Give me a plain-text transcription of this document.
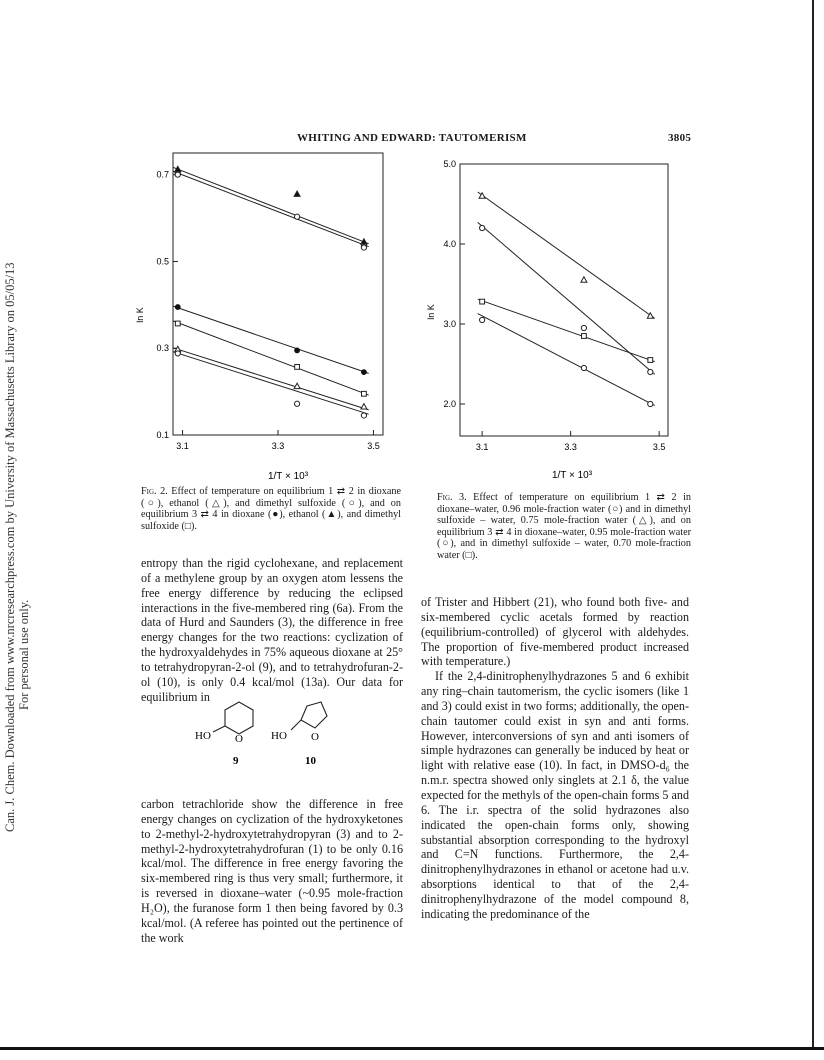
Can. J. Chem. Downloaded from www.nrcresearchpress.com by University of Massachusetts Library on 05/05/13 For personal use only.
WHITING AND EDWARD: TAUTOMERISM	3805
0.1
0.3
0.5
0.7
3.1	3.3	3.5
ln K
1/T × 10³
Fig. 2. Effect of temperature on equilibrium 1 ⇄ 2 in dioxane (○), ethanol (△), and dimethyl sulfoxide (○), and on equilibrium 3 ⇄ 4 in dioxane (●), ethanol (▲), and dimethyl sulfoxide (□).
2.0
3.0
4.0
5.0
3.1	3.3	3.5
ln K
1/T × 10³
Fig. 3. Effect of temperature on equilibrium 1 ⇄ 2 in dioxane–water, 0.96 mole-fraction water (○) and in dimethyl sulfoxide – water, 0.75 mole-fraction water (△), and on equilibrium 3 ⇄ 4 in dioxane–water, 0.95 mole-fraction water (○), and in dimethyl sulfoxide – water, 0.70 mole-fraction water (□).

entropy than the rigid cyclohexane, and replacement of a methylene group by an oxygen atom lessens the free energy difference by reducing the eclipsed interactions in the five-membered ring (6a). From the data of Hurd and Saunders (3), the difference in free energy changes for the two reactions: cyclization of the hydroxyaldehydes in 75% aqueous dioxane at 25° to tetrahydropyran-2-ol (9), and to tetrahydrofuran-2-ol (10), is only 0.4 kcal/mol (13a). Our data for equilibrium in

HO O
9
HO O
10

carbon tetrachloride show the difference in free energy changes on cyclization of the hydroxyketones to 2-methyl-2-hydroxytetrahydropyran (3) and to 2-methyl-2-hydroxytetrahydrofuran (1) to be only 0.16 kcal/mol. The difference in free energy favoring the six-membered ring is thus very small; furthermore, it is reversed in dioxane–water (~0.95 mole-fraction H₂O), the furanose form 1 then being favored by 0.3 kcal/mol. (A referee has pointed out the pertinence of the work

of Trister and Hibbert (21), who found both five- and six-membered cyclic acetals formed by reaction (equilibrium-controlled) of glycerol with aldehydes. The proportion of five-membered product increased with temperature.)

If the 2,4-dinitrophenylhydrazones 5 and 6 exhibit any ring–chain tautomerism, the cyclic isomers (like 1 and 3) could exist in two forms; additionally, the open-chain tautomer could exist in syn and anti forms. However, interconversions of syn and anti isomers of simple hydrazones can generally be induced by heat or light with relative ease (10). In fact, in DMSO-d₆ the n.m.r. spectra showed only singlets at 2.1 δ, the value expected for the methyls of the open-chain forms 5 and 6. The i.r. spectra of the solid hydrazones also indicated the open-chain forms only, showing substantial absorption corresponding to the hydroxyl and C=N functions. Furthermore, the 2,4-dinitrophenylhydrazones in ethanol or acetone had u.v. absorptions identical to that of the 2,4-dinitrophenylhydrazone of the model compound 8, indicating the predominance of the
